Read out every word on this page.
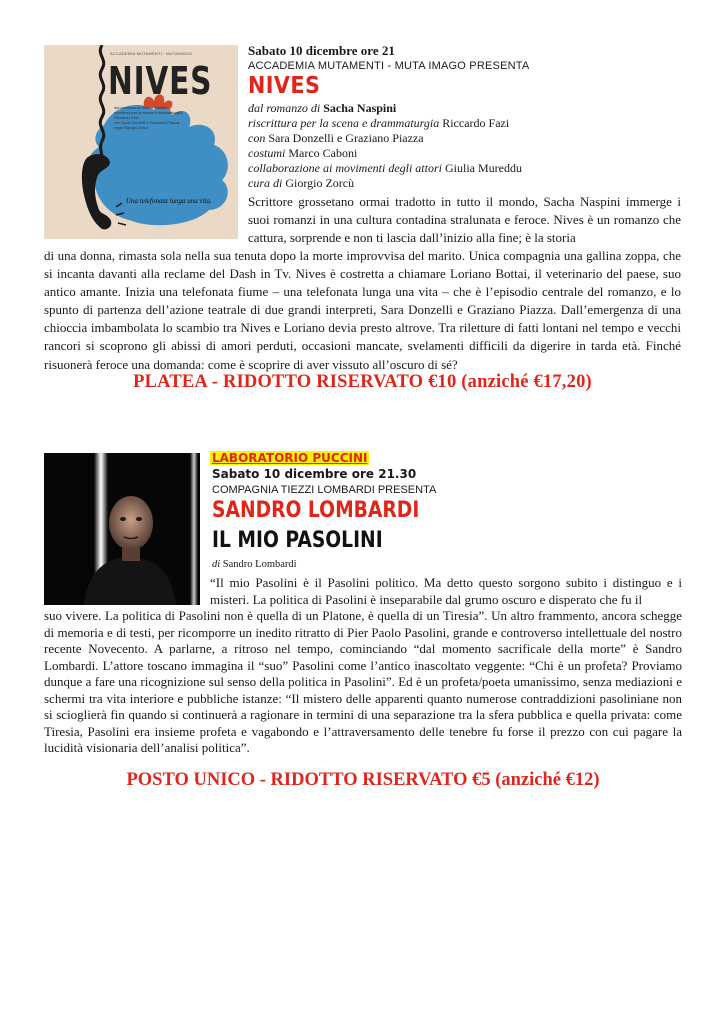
ACCADEMIA MUTAMENTI · MUTAIMAGO
NIVES
dal romanzo di Sacha Naspini
riscrittura per la scena e drammaturgia
Riccardo Fazi
con Sara Donzelli e Graziano Piazza
regia Giorgio Zorcù
Una telefonata lunga una vita.
Sabato 10 dicembre ore 21
ACCADEMIA MUTAMENTI - MUTA IMAGO PRESENTA
NIVES
dal romanzo di Sacha Naspini
riscrittura per la scena e drammaturgia Riccardo Fazi
con Sara Donzelli e Graziano Piazza
costumi Marco Caboni
collaborazione ai movimenti degli attori Giulia Mureddu
cura di Giorgio Zorcù
Scrittore grossetano ormai tradotto in tutto il mondo, Sacha Naspini immerge i suoi romanzi in una cultura contadina stralunata e feroce. Nives è un romanzo che cattura, sorprende e non ti lascia dall’inizio alla fine; è la storia
di una donna, rimasta sola nella sua tenuta dopo la morte improvvisa del marito. Unica compagnia una gallina zoppa, che si incanta davanti alla reclame del Dash in Tv. Nives è costretta a chiamare Loriano Bottai, il veterinario del paese, suo antico amante. Inizia una telefonata fiume – una telefonata lunga una vita – che è l’episodio centrale del romanzo, e lo spunto di partenza dell’azione teatrale di due grandi interpreti, Sara Donzelli e Graziano Piazza. Dall’emergenza di una chioccia imbambolata lo scambio tra Nives e Loriano devia presto altrove. Tra riletture di fatti lontani nel tempo e vecchi rancori si scoprono gli abissi di amori perduti, occasioni mancate, svelamenti difficili da digerire in tarda età. Finché risuonerà feroce una domanda: come è scoprire di aver vissuto all’oscuro di sé?
PLATEA - RIDOTTO RISERVATO €10 (anziché €17,20)
LABORATORIO PUCCINI
Sabato 10 dicembre ore 21.30
COMPAGNIA TIEZZI LOMBARDI PRESENTA
SANDRO LOMBARDI
IL MIO PASOLINI
di Sandro Lombardi
“Il mio Pasolini è il Pasolini politico. Ma detto questo sorgono subito i distinguo e i misteri. La politica di Pasolini è inseparabile dal grumo oscuro e disperato che fu il
suo vivere. La politica di Pasolini non è quella di un Platone, è quella di un Tiresia”. Un altro frammento, ancora schegge di memoria e di testi, per ricomporre un inedito ritratto di Pier Paolo Pasolini, grande e controverso intellettuale del nostro recente Novecento. A parlarne, a ritroso nel tempo, cominciando “dal momento sacrificale della morte” è Sandro Lombardi. L’attore toscano immagina il “suo” Pasolini come l’antico inascoltato veggente: “Chi è un profeta? Proviamo dunque a fare una ricognizione sul senso della politica in Pasolini”. Ed è un profeta/poeta umanissimo, senza mediazioni e schermi tra vita interiore e pubbliche istanze: “Il mistero delle apparenti quanto numerose contraddizioni pasoliniane non si scioglierà fin quando si continuerà a ragionare in termini di una separazione tra la sfera pubblica e quella privata: come Tiresia, Pasolini era insieme profeta e vagabondo e l’attraversamento delle tenebre fu forse il prezzo con cui pagare la lucidità visionaria dell’analisi politica”.
POSTO UNICO - RIDOTTO RISERVATO €5 (anziché €12)
